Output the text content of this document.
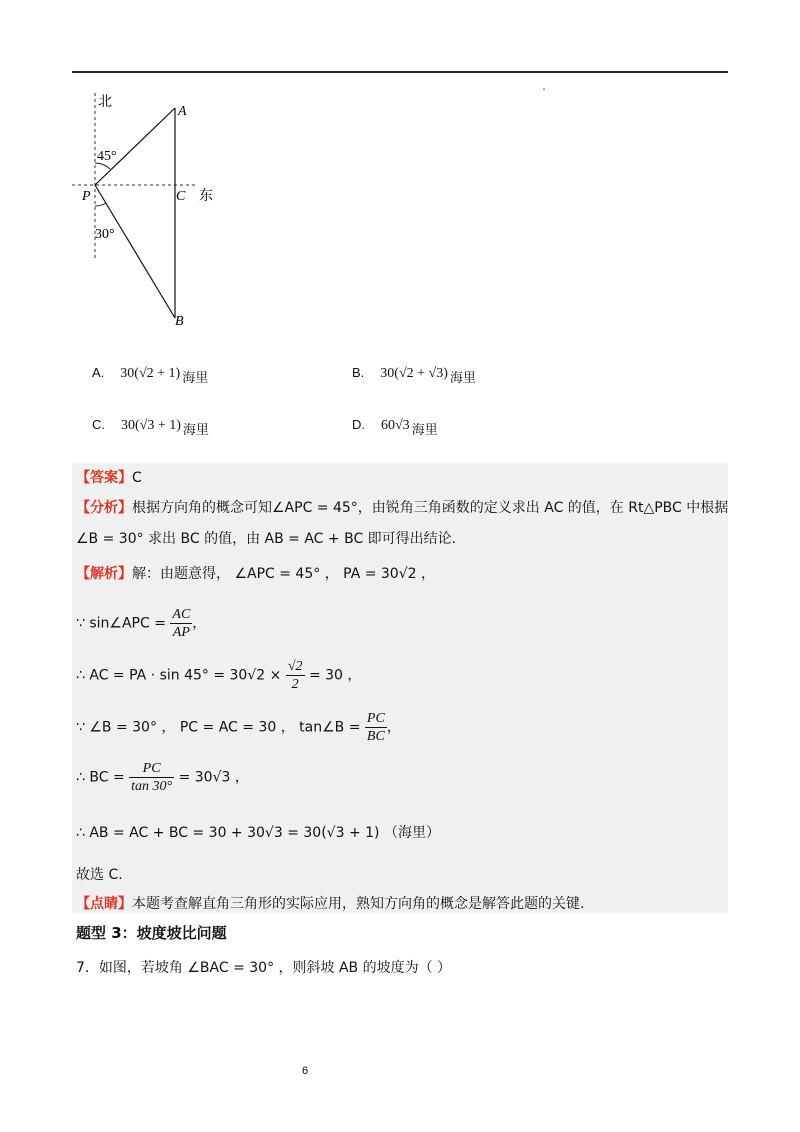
北
A
45°
P	C 东
30°
B
A. 30(√2 + 1) 海里	B. 30(√2 + √3) 海里
C. 30(√3 + 1) 海里	D. 60√3 海里
【答案】C
【分析】根据方向角的概念可知∠APC = 45°，由锐角三角函数的定义求出 AC 的值，在 Rt△PBC 中根据
∠B = 30° 求出 BC 的值，由 AB = AC + BC 即可得出结论.
【解析】解：由题意得， ∠APC = 45° ， PA = 30√2 ，
∵ sin∠APC = $\frac{AC}{AP}$ ，
∴ AC = PA · $\sin 45^\circ = 30√2 \times \frac{√2}{2} = 30$ ，
∵ ∠B = 30° ， PC = AC = 30 ， tan∠B = $\frac{PC}{BC}$ ，
∴ BC = $\frac{PC}{\tan 30^\circ} = 30√3$ ，
∴ AB = AC + BC = 30 + 30√3 = 30(√3 + 1) （海里）
故选 C.
【点睛】本题考查解直角三角形的实际应用，熟知方向角的概念是解答此题的关键.
题型 3：坡度坡比问题
7．如图，若坡角 ∠BAC = 30° ，则斜坡 AB 的坡度为（ ）
6
